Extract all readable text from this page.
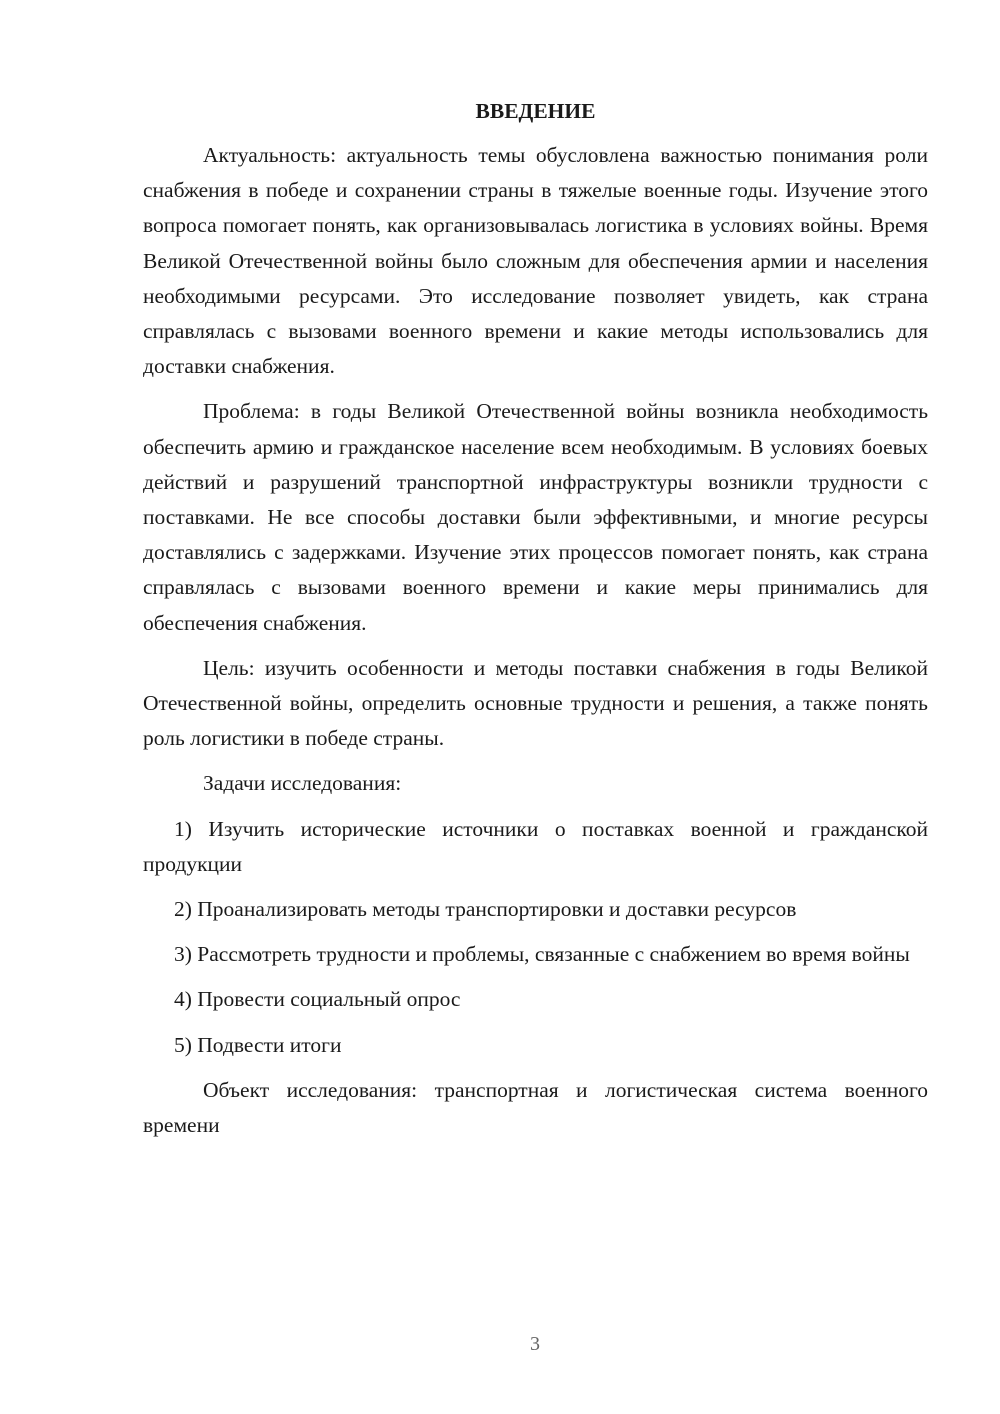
ВВЕДЕНИЕ

Актуальность: актуальность темы обусловлена важностью понимания роли снабжения в победе и сохранении страны в тяжелые военные годы. Изучение этого вопроса помогает понять, как организовывалась логистика в условиях войны. Время Великой Отечественной войны было сложным для обеспечения армии и населения необходимыми ресурсами. Это исследование позволяет увидеть, как страна справлялась с вызовами военного времени и какие методы использовались для доставки снабжения.

Проблема: в годы Великой Отечественной войны возникла необходимость обеспечить армию и гражданское население всем необходимым. В условиях боевых действий и разрушений транспортной инфраструктуры возникли трудности с поставками. Не все способы доставки были эффективными, и многие ресурсы доставлялись с задержками. Изучение этих процессов помогает понять, как страна справлялась с вызовами военного времени и какие меры принимались для обеспечения снабжения.

Цель: изучить особенности и методы поставки снабжения в годы Великой Отечественной войны, определить основные трудности и решения, а также понять роль логистики в победе страны.

Задачи исследования:

1) Изучить исторические источники о поставках военной и гражданской продукции

2) Проанализировать методы транспортировки и доставки ресурсов

3) Рассмотреть трудности и проблемы, связанные с снабжением во время войны

4) Провести социальный опрос

5) Подвести итоги

Объект исследования: транспортная и логистическая система военного времени

3
